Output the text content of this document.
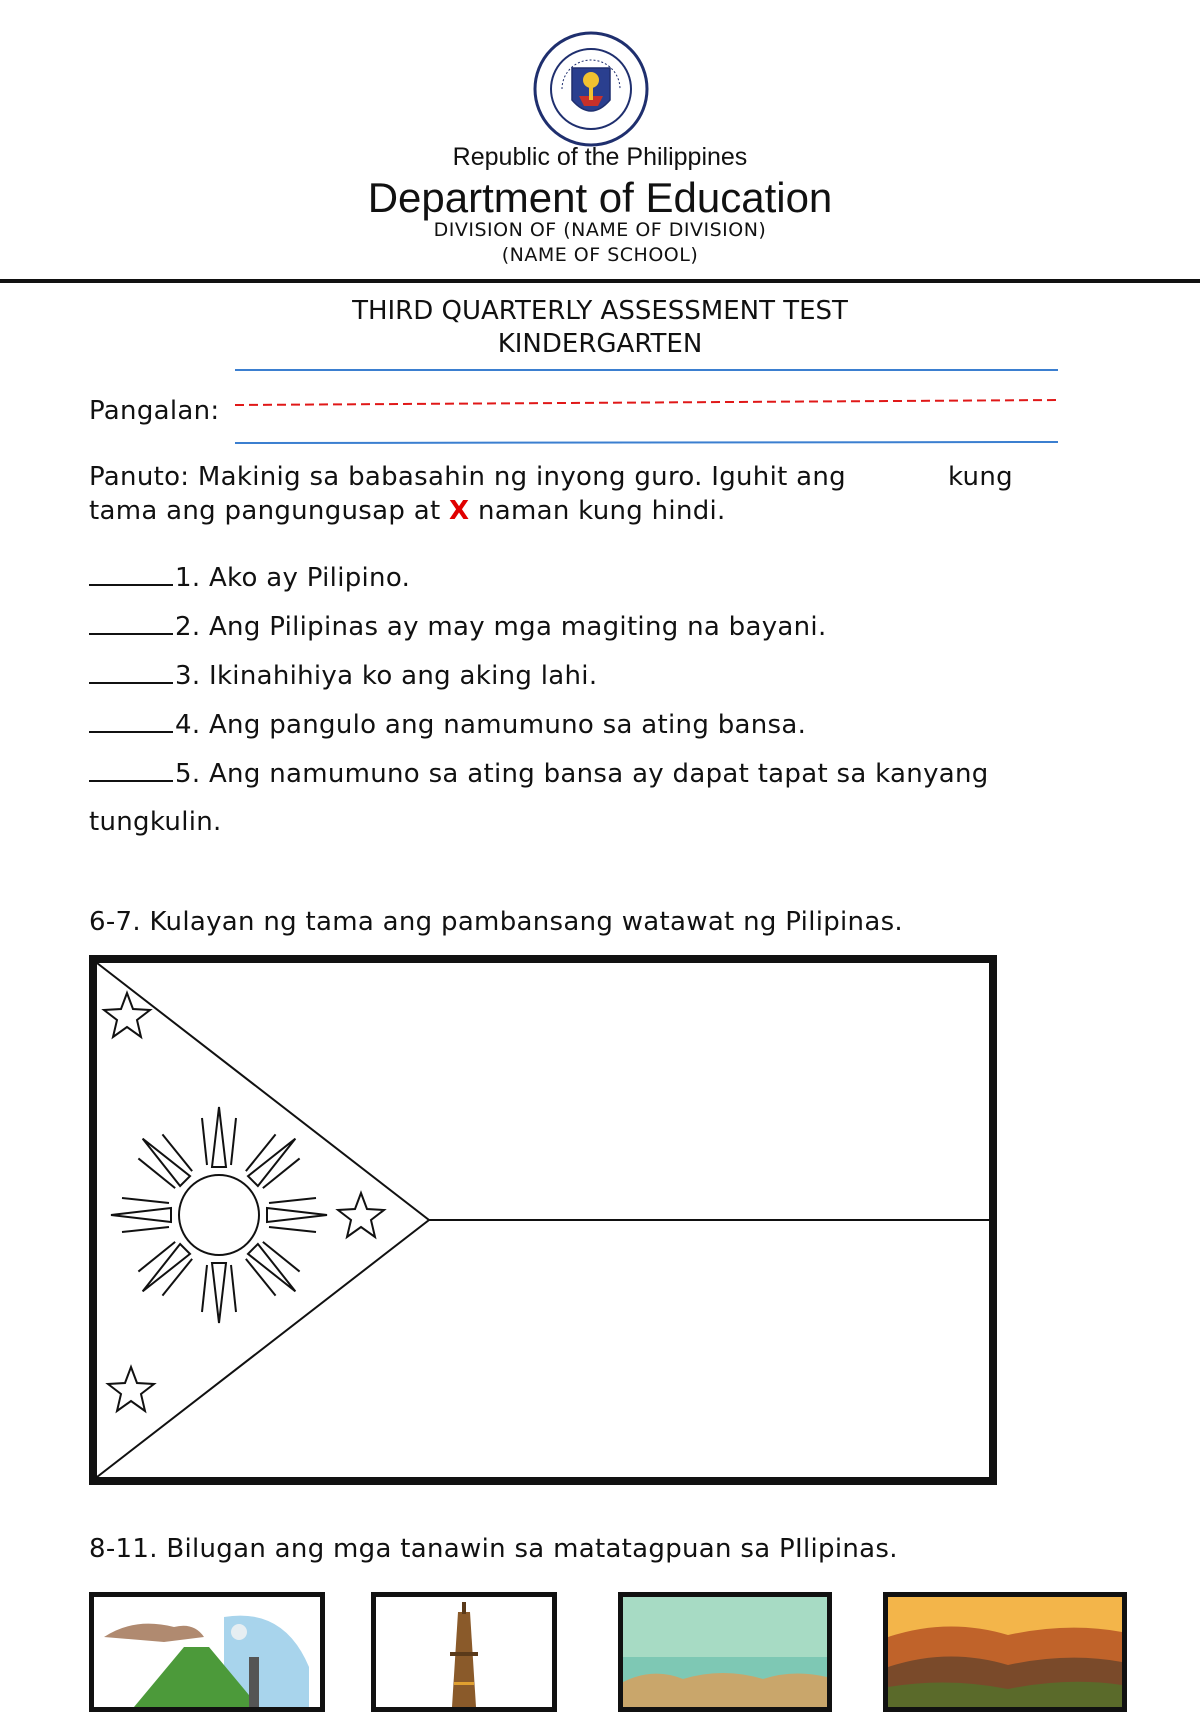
Republic of the Philippines
Department of Education
DIVISION OF (NAME OF DIVISION)
(NAME OF SCHOOL)
THIRD QUARTERLY ASSESSMENT TEST
KINDERGARTEN
Pangalan:
Panuto: Makinig sa babasahin ng inyong guro. Iguhit ang	kung
tama ang pangungusap at X naman kung hindi.
1. Ako ay Pilipino.
2. Ang Pilipinas ay may mga magiting na bayani.
3. Ikinahihiya ko ang aking lahi.
4. Ang pangulo ang namumuno sa ating bansa.
5. Ang namumuno sa ating bansa ay dapat tapat sa kanyang
tungkulin.
6-7. Kulayan ng tama ang pambansang watawat ng Pilipinas.
8-11. Bilugan ang mga tanawin sa matatagpuan sa PIlipinas.
